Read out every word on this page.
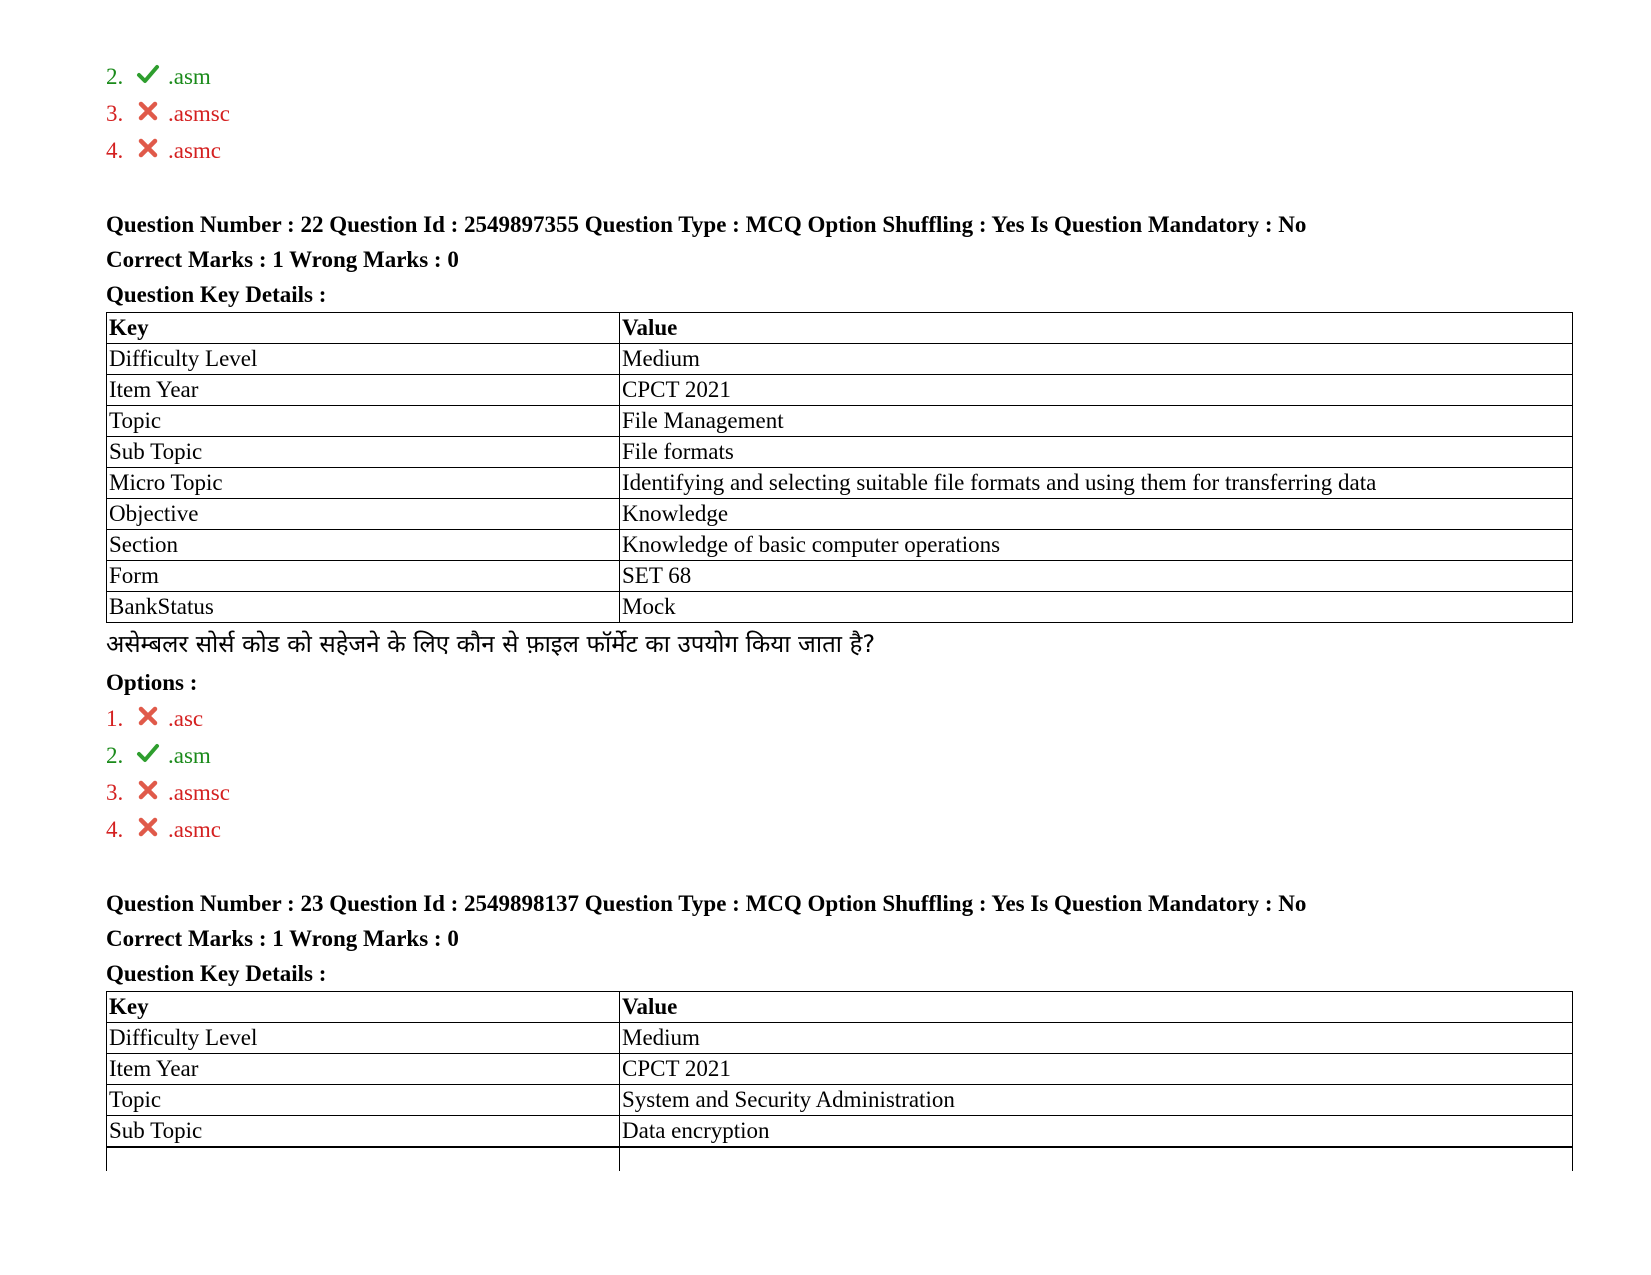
2. .asm
3. .asmsc
4. .asmc
Question Number : 22 Question Id : 2549897355 Question Type : MCQ Option Shuffling : Yes Is Question Mandatory : No
Correct Marks : 1 Wrong Marks : 0
Question Key Details :
Key	Value
Difficulty Level	Medium
Item Year	CPCT 2021
Topic	File Management
Sub Topic	File formats
Micro Topic	Identifying and selecting suitable file formats and using them for transferring data
Objective	Knowledge
Section	Knowledge of basic computer operations
Form	SET 68
BankStatus	Mock
असेम्बलर सोर्स कोड को सहेजने के लिए कौन से फ़ाइल फॉर्मेट का उपयोग किया जाता है?
Options :
1. .asc
2. .asm
3. .asmsc
4. .asmc
Question Number : 23 Question Id : 2549898137 Question Type : MCQ Option Shuffling : Yes Is Question Mandatory : No
Correct Marks : 1 Wrong Marks : 0
Question Key Details :
Key	Value
Difficulty Level	Medium
Item Year	CPCT 2021
Topic	System and Security Administration
Sub Topic	Data encryption
